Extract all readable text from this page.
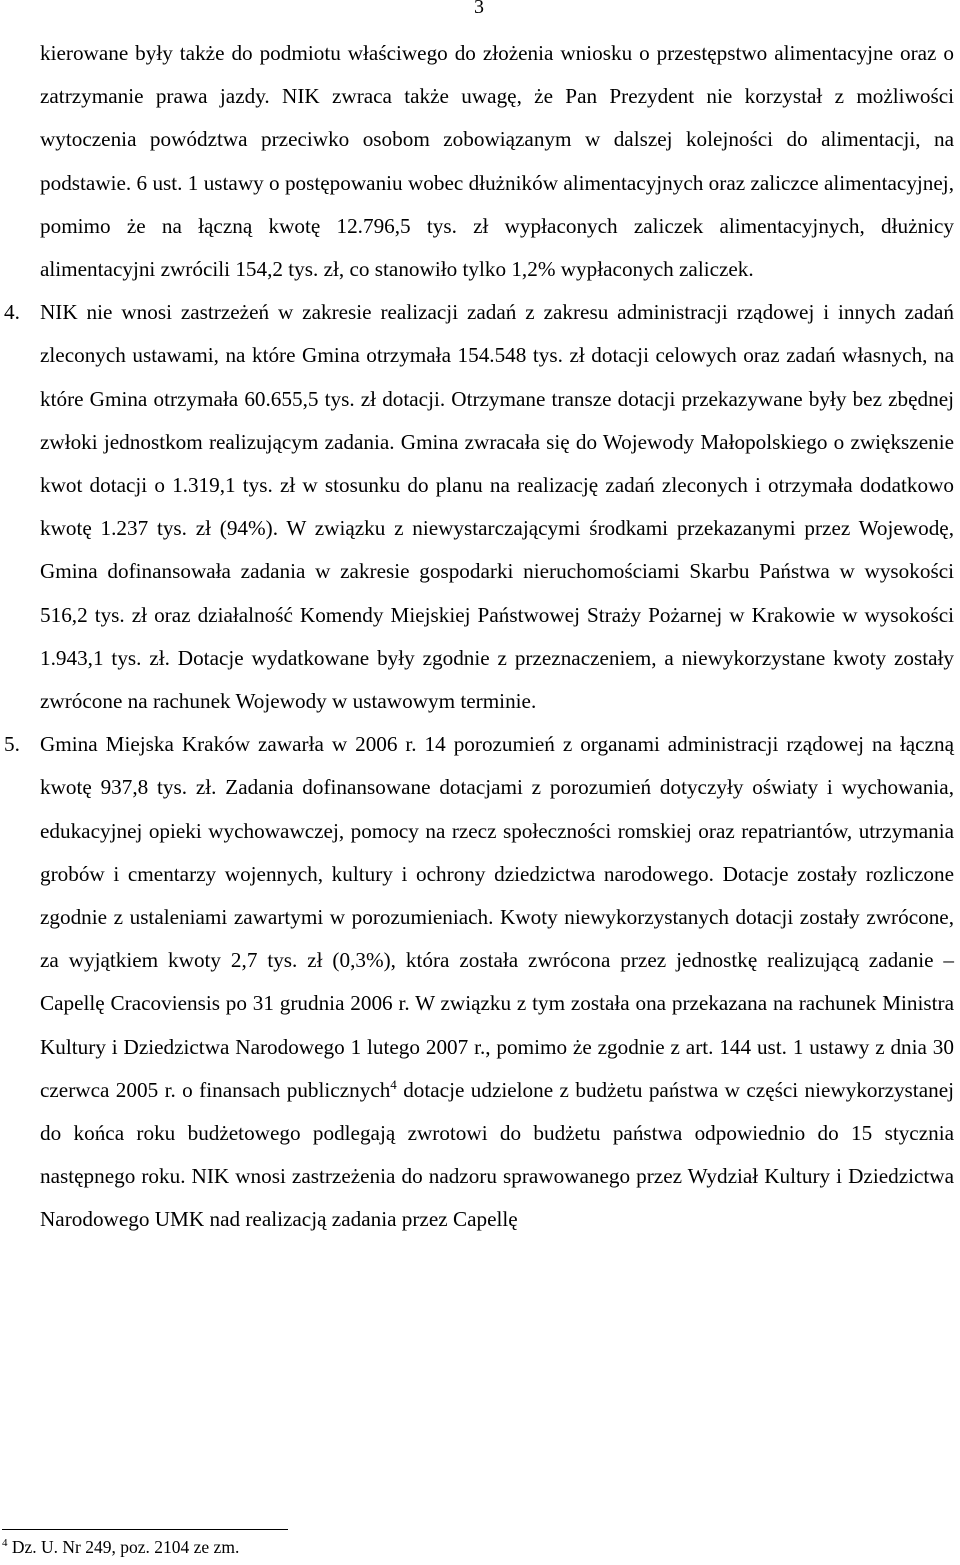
3

kierowane były także do podmiotu właściwego do złożenia wniosku o przestępstwo alimentacyjne oraz o zatrzymanie prawa jazdy. NIK zwraca także uwagę, że Pan Prezydent nie korzystał z możliwości wytoczenia powództwa przeciwko osobom zobowiązanym w dalszej kolejności do alimentacji, na podstawie. 6 ust. 1 ustawy o postępowaniu wobec dłużników alimentacyjnych oraz zaliczce alimentacyjnej, pomimo że na łączną kwotę 12.796,5 tys. zł wypłaconych zaliczek alimentacyjnych, dłużnicy alimentacyjni zwrócili 154,2 tys. zł, co stanowiło tylko 1,2% wypłaconych zaliczek.

4. NIK nie wnosi zastrzeżeń w zakresie realizacji zadań z zakresu administracji rządowej i innych zadań zleconych ustawami, na które Gmina otrzymała 154.548 tys. zł dotacji celowych oraz zadań własnych, na które Gmina otrzymała 60.655,5 tys. zł dotacji. Otrzymane transze dotacji przekazywane były bez zbędnej zwłoki jednostkom realizującym zadania. Gmina zwracała się do Wojewody Małopolskiego o zwiększenie kwot dotacji o 1.319,1 tys. zł w stosunku do planu na realizację zadań zleconych i otrzymała dodatkowo kwotę 1.237 tys. zł (94%). W związku z niewystarczającymi środkami przekazanymi przez Wojewodę, Gmina dofinansowała zadania w zakresie gospodarki nieruchomościami Skarbu Państwa w wysokości 516,2 tys. zł oraz działalność Komendy Miejskiej Państwowej Straży Pożarnej w Krakowie w wysokości 1.943,1 tys. zł. Dotacje wydatkowane były zgodnie z przeznaczeniem, a niewykorzystane kwoty zostały zwrócone na rachunek Wojewody w ustawowym terminie.

5. Gmina Miejska Kraków zawarła w 2006 r. 14 porozumień z organami administracji rządowej na łączną kwotę 937,8 tys. zł. Zadania dofinansowane dotacjami z porozumień dotyczyły oświaty i wychowania, edukacyjnej opieki wychowawczej, pomocy na rzecz społeczności romskiej oraz repatriantów, utrzymania grobów i cmentarzy wojennych, kultury i ochrony dziedzictwa narodowego. Dotacje zostały rozliczone zgodnie z ustaleniami zawartymi w porozumieniach. Kwoty niewykorzystanych dotacji zostały zwrócone, za wyjątkiem kwoty 2,7 tys. zł (0,3%), która została zwrócona przez jednostkę realizującą zadanie – Capellę Cracoviensis po 31 grudnia 2006 r. W związku z tym została ona przekazana na rachunek Ministra Kultury i Dziedzictwa Narodowego 1 lutego 2007 r., pomimo że zgodnie z art. 144 ust. 1 ustawy z dnia 30 czerwca 2005 r. o finansach publicznych$^4$ dotacje udzielone z budżetu państwa w części niewykorzystanej do końca roku budżetowego podlegają zwrotowi do budżetu państwa odpowiednio do 15 stycznia następnego roku. NIK wnosi zastrzeżenia do nadzoru sprawowanego przez Wydział Kultury i Dziedzictwa Narodowego UMK nad realizacją zadania przez Capellę

$^4$ Dz. U. Nr 249, poz. 2104 ze zm.
